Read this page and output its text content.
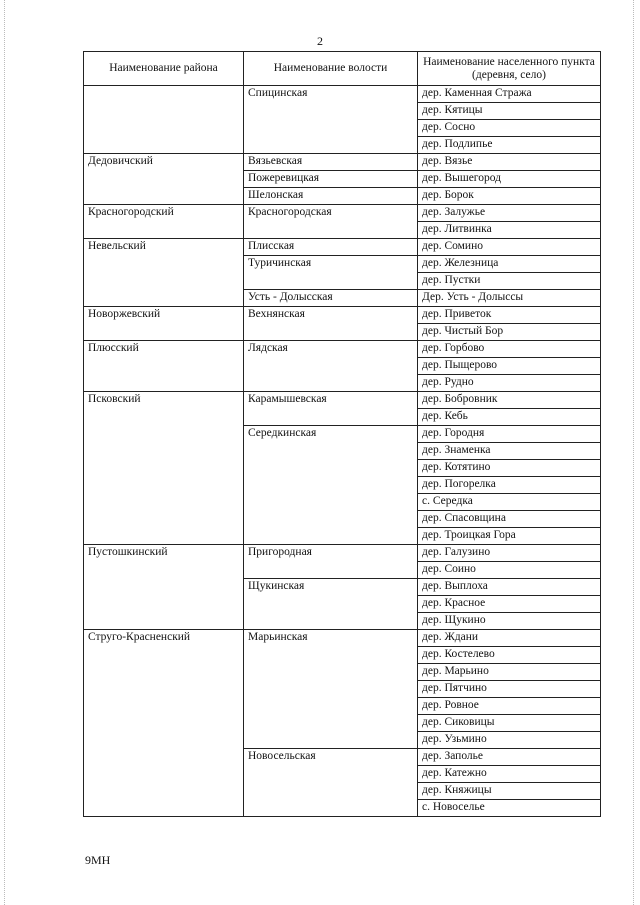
2
Наименование района	Наименование волости	Наименование населенного пункта (деревня, село)
	Спицинская	дер. Каменная Стража
		дер. Кятицы
		дер. Сосно
		дер. Подлипье
Дедовичский	Вязьевская	дер. Вязье
	Пожеревицкая	дер. Вышегород
	Шелонская	дер. Борок
Красногородский	Красногородская	дер. Залужье
		дер. Литвинка
Невельский	Плисская	дер. Сомино
	Туричинская	дер. Железница
		дер. Пустки
	Усть - Долысская	Дер. Усть - Долыссы
Новоржевский	Вехнянская	дер. Приветок
		дер. Чистый Бор
Плюсский	Лядская	дер. Горбово
		дер. Пыщерово
		дер. Рудно
Псковский	Карамышевская	дер. Бобровник
		дер. Кебь
	Середкинская	дер. Городня
		дер. Знаменка
		дер. Котятино
		дер. Погорелка
		с. Середка
		дер. Спасовщина
		дер. Троицкая Гора
Пустошкинский	Пригородная	дер. Галузино
		дер. Соино
	Щукинская	дер. Выплоха
		дер. Красное
		дер. Щукино
Струго-Красненский	Марьинская	дер. Ждани
		дер. Костелево
		дер. Марьино
		дер. Пятчино
		дер. Ровное
		дер. Сиковицы
		дер. Узьмино
	Новосельская	дер. Заполье
		дер. Катежно
		дер. Княжицы
		с. Новоселье
9МН
